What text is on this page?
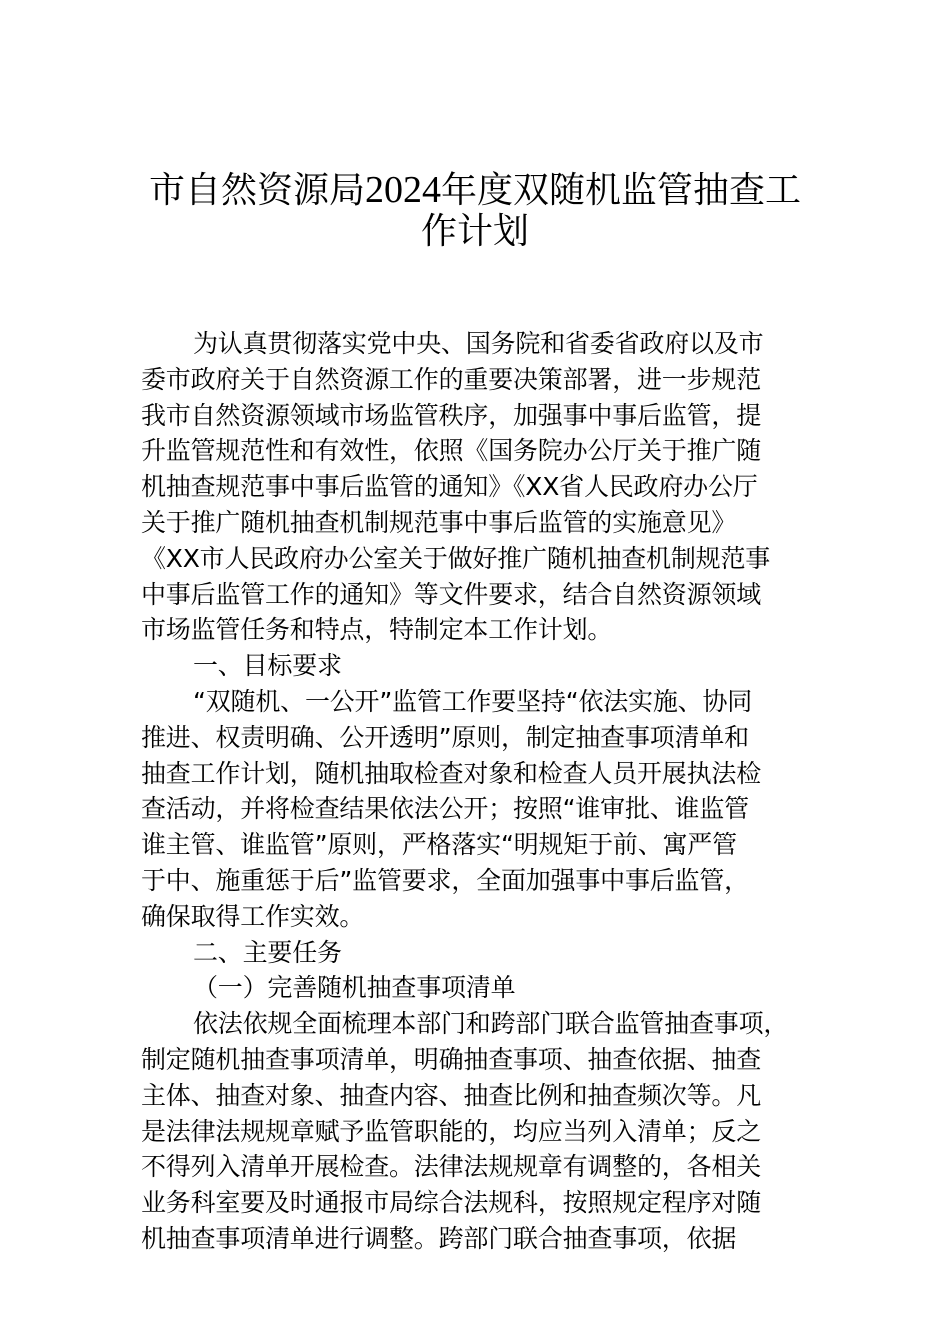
市自然资源局2024年度双随机监管抽查工
作计划
为认真贯彻落实党中央、国务院和省委省政府以及市
委市政府关于自然资源工作的重要决策部署，进一步规范
我市自然资源领域市场监管秩序，加强事中事后监管，提
升监管规范性和有效性，依照《国务院办公厅关于推广随
机抽查规范事中事后监管的通知》《XX省人民政府办公厅
关于推广随机抽查机制规范事中事后监管的实施意见》
《XX市人民政府办公室关于做好推广随机抽查机制规范事
中事后监管工作的通知》等文件要求，结合自然资源领域
市场监管任务和特点，特制定本工作计划。
一、目标要求
“双随机、一公开”监管工作要坚持“依法实施、协同
推进、权责明确、公开透明”原则，制定抽查事项清单和
抽查工作计划，随机抽取检查对象和检查人员开展执法检
查活动，并将检查结果依法公开；按照“谁审批、谁监管
谁主管、谁监管”原则，严格落实“明规矩于前、寓严管
于中、施重惩于后”监管要求，全面加强事中事后监管，
确保取得工作实效。
二、主要任务
（一）完善随机抽查事项清单
依法依规全面梳理本部门和跨部门联合监管抽查事项，
制定随机抽查事项清单，明确抽查事项、抽查依据、抽查
主体、抽查对象、抽查内容、抽查比例和抽查频次等。凡
是法律法规规章赋予监管职能的，均应当列入清单；反之
不得列入清单开展检查。法律法规规章有调整的，各相关
业务科室要及时通报市局综合法规科，按照规定程序对随
机抽查事项清单进行调整。跨部门联合抽查事项，依据
